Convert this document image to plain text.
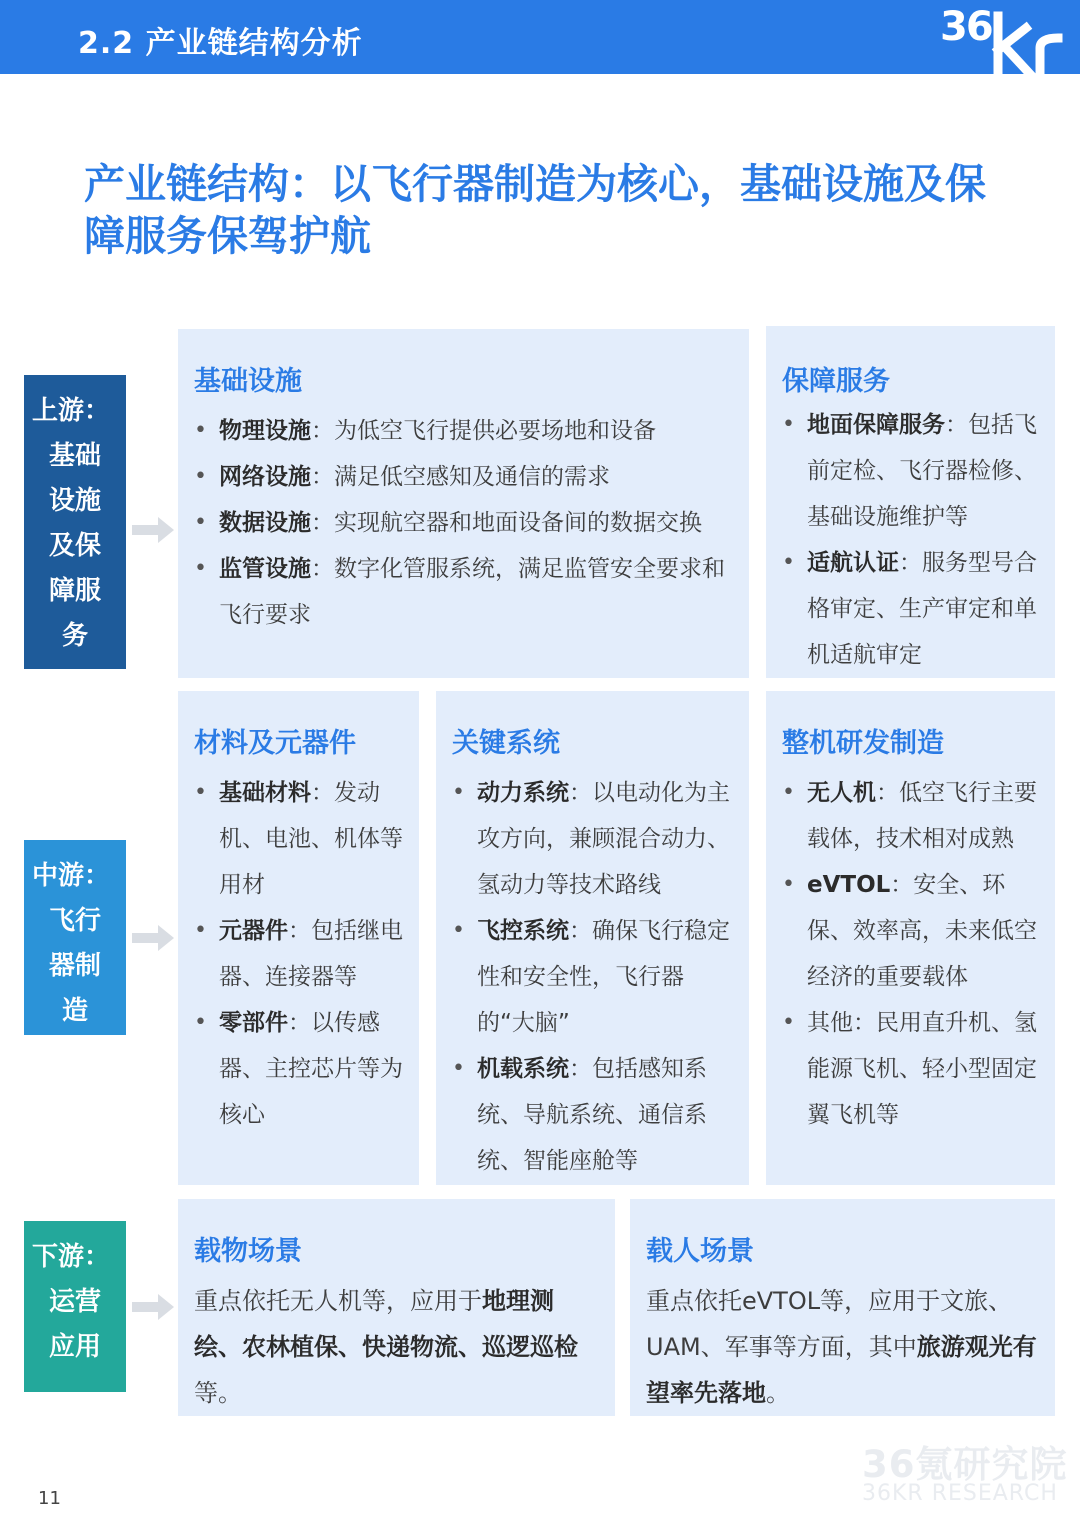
2.2 产业链结构分析	36
产业链结构：以飞行器制造为核心，基础设施及保障服务保驾护航
上游：
基础
设施
及保
障服
务
中游：
飞行
器制
造
下游：
运营
应用
基础设施
• 物理设施：为低空飞行提供必要场地和设备
• 网络设施：满足低空感知及通信的需求
• 数据设施：实现航空器和地面设备间的数据交换
• 监管设施：数字化管服系统，满足监管安全要求和飞行要求
保障服务
• 地面保障服务：包括飞前定检、飞行器检修、基础设施维护等
• 适航认证：服务型号合格审定、生产审定和单机适航审定
材料及元器件
• 基础材料：发动机、电池、机体等用材
• 元器件：包括继电器、连接器等
• 零部件：以传感器、主控芯片等为核心
关键系统
• 动力系统：以电动化为主攻方向，兼顾混合动力、氢动力等技术路线
• 飞控系统：确保飞行稳定性和安全性，飞行器的“大脑”
• 机载系统：包括感知系统、导航系统、通信系统、智能座舱等
整机研发制造
• 无人机：低空飞行主要载体，技术相对成熟
• eVTOL：安全、环保、效率高，未来低空经济的重要载体
• 其他：民用直升机、氢能源飞机、轻小型固定翼飞机等
载物场景

重点依托无人机等，应用于地理测绘、农林植保、快递物流、巡逻巡检等。

载人场景

重点依托eVTOL等，应用于文旅、UAM、军事等方面，其中旅游观光有望率先落地。

11
36氪研究院
36KR RESEARCH
